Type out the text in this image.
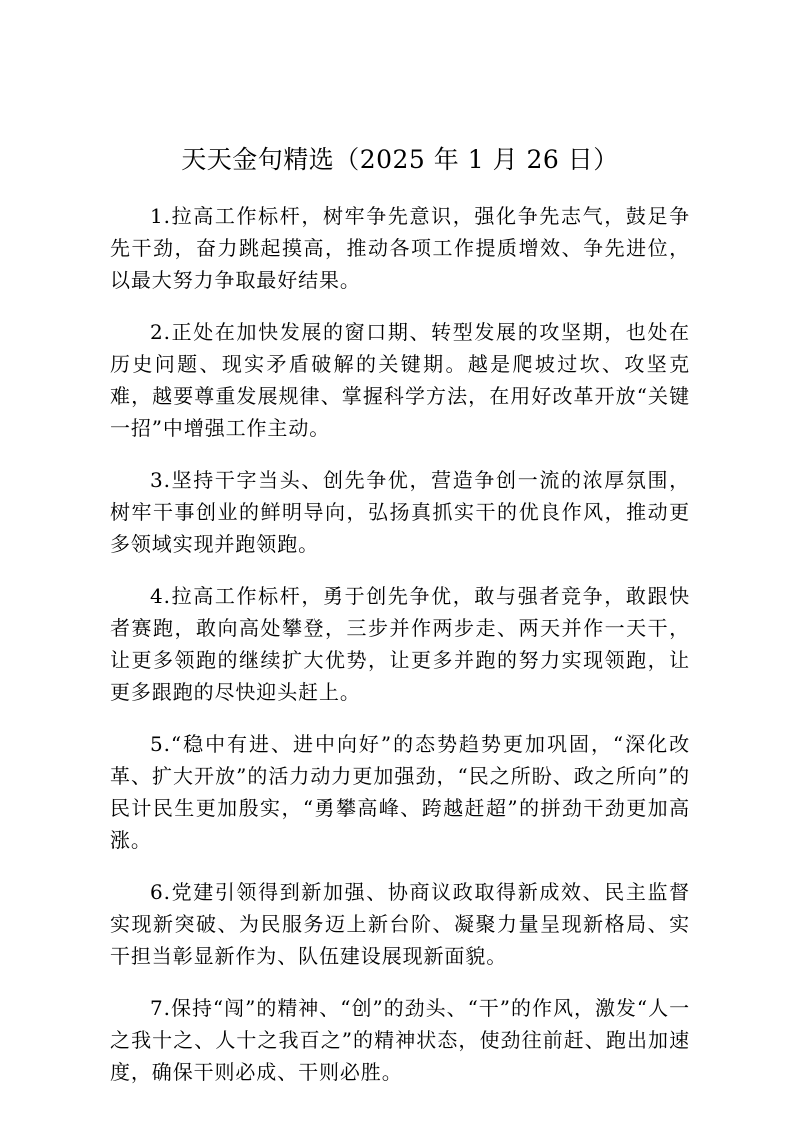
天天金句精选（2025 年 1 月 26 日）

1.拉高工作标杆，树牢争先意识，强化争先志气，鼓足争先干劲，奋力跳起摸高，推动各项工作提质增效、争先进位，以最大努力争取最好结果。

2.正处在加快发展的窗口期、转型发展的攻坚期，也处在历史问题、现实矛盾破解的关键期。越是爬坡过坎、攻坚克难，越要尊重发展规律、掌握科学方法，在用好改革开放“关键一招”中增强工作主动。

3.坚持干字当头、创先争优，营造争创一流的浓厚氛围，树牢干事创业的鲜明导向，弘扬真抓实干的优良作风，推动更多领域实现并跑领跑。

4.拉高工作标杆，勇于创先争优，敢与强者竞争，敢跟快者赛跑，敢向高处攀登，三步并作两步走、两天并作一天干，让更多领跑的继续扩大优势，让更多并跑的努力实现领跑，让更多跟跑的尽快迎头赶上。

5.“稳中有进、进中向好”的态势趋势更加巩固，“深化改革、扩大开放”的活力动力更加强劲，“民之所盼、政之所向”的民计民生更加殷实，“勇攀高峰、跨越赶超”的拼劲干劲更加高涨。

6.党建引领得到新加强、协商议政取得新成效、民主监督实现新突破、为民服务迈上新台阶、凝聚力量呈现新格局、实干担当彰显新作为、队伍建设展现新面貌。

7.保持“闯”的精神、“创”的劲头、“干”的作风，激发“人一之我十之、人十之我百之”的精神状态，使劲往前赶、跑出加速度，确保干则必成、干则必胜。
